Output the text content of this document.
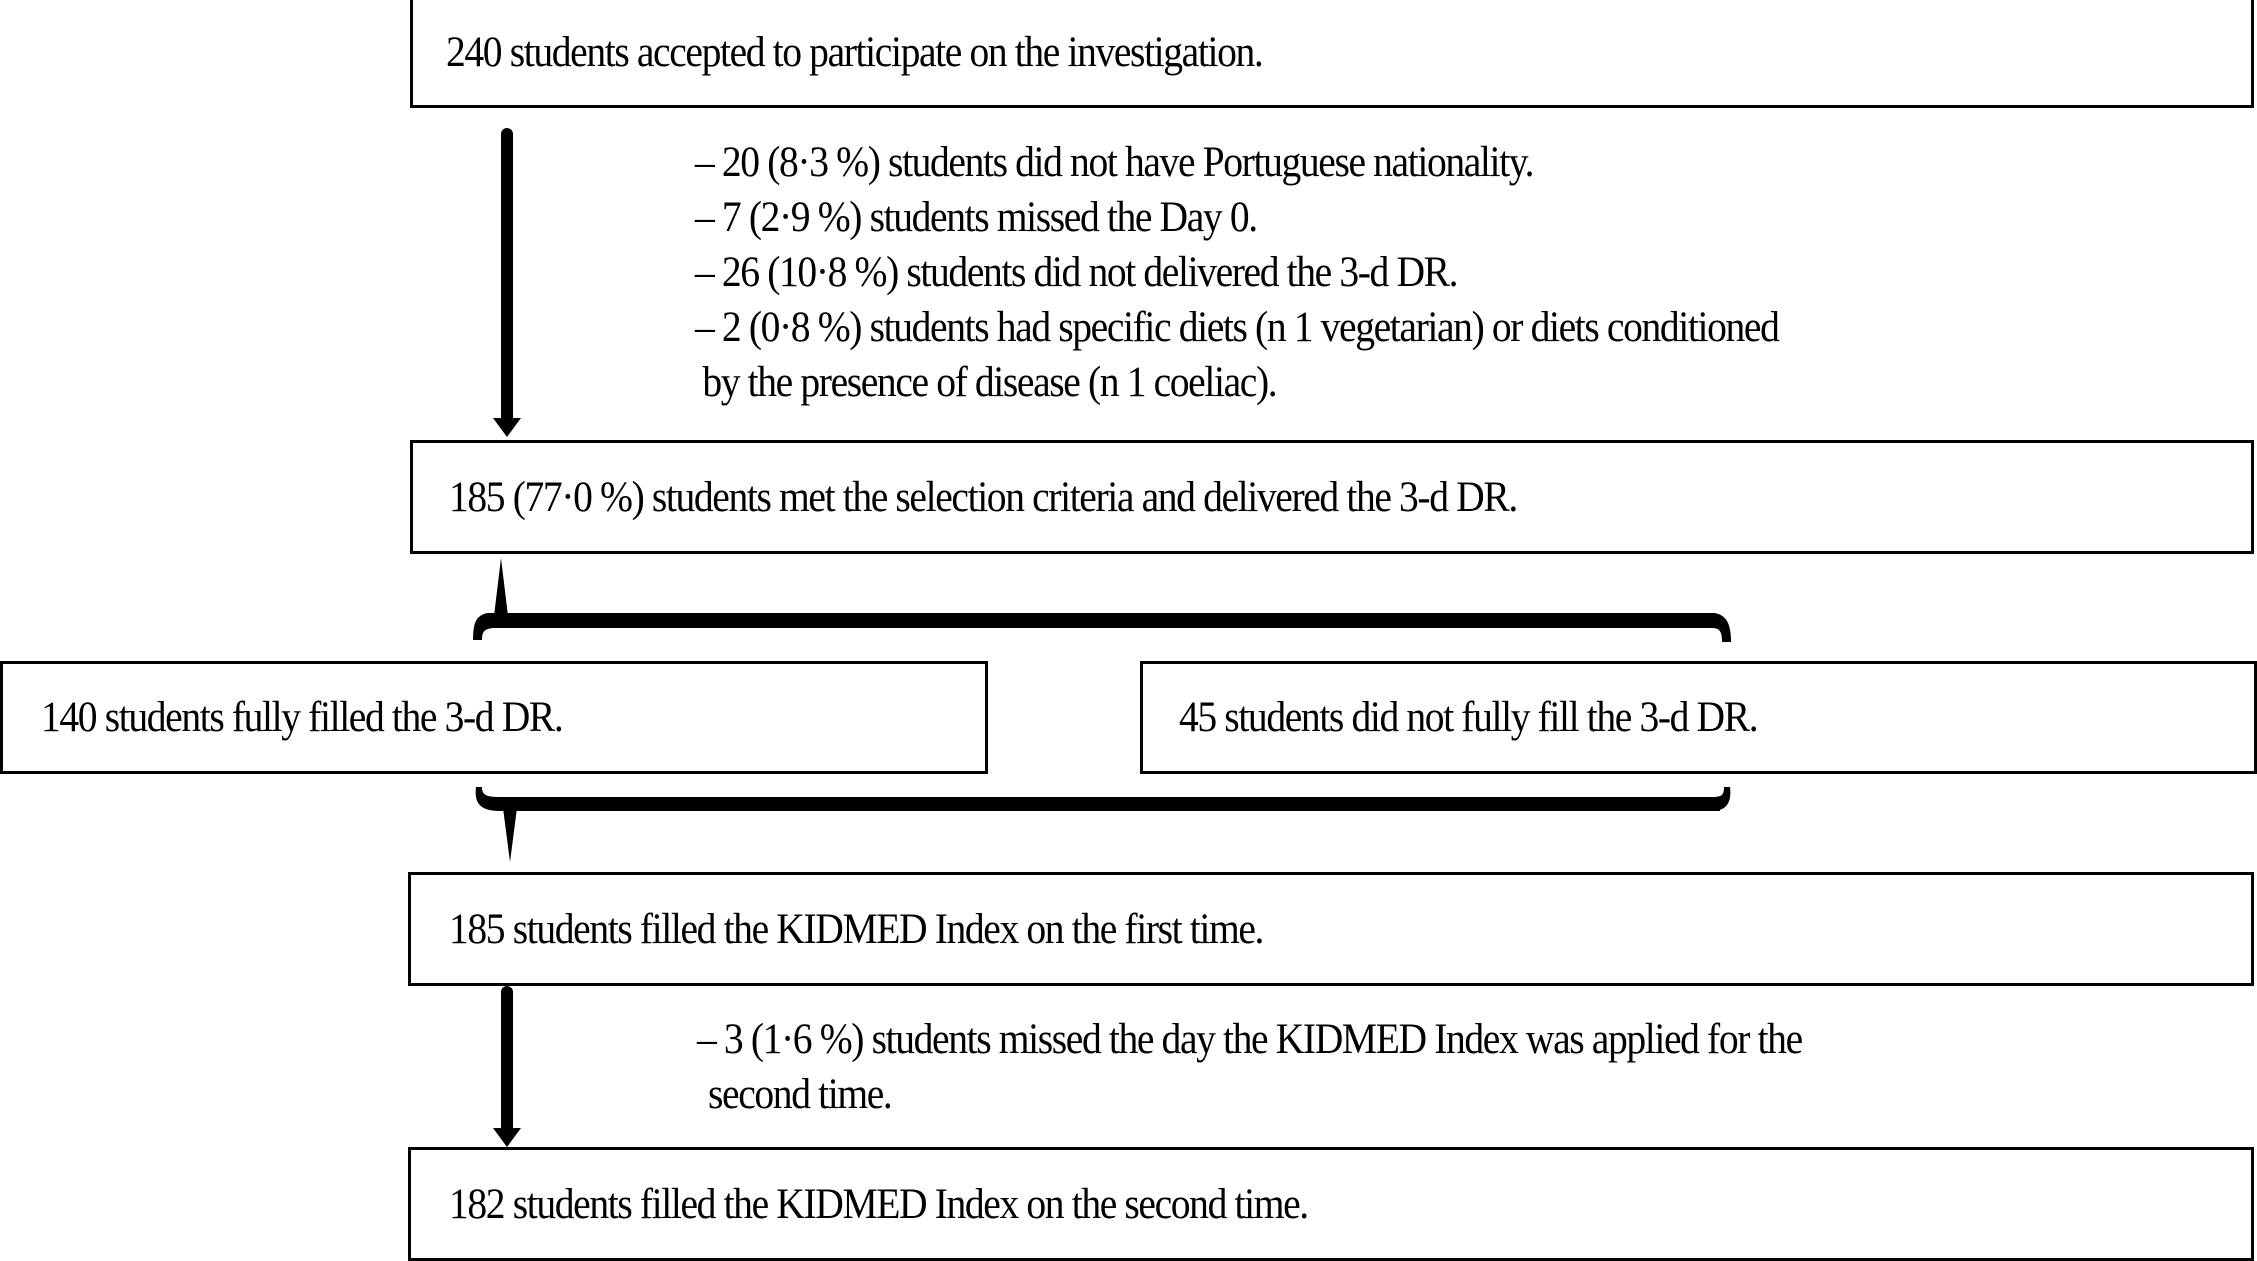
240 students accepted to participate on the investigation.
– 20 (8·3 %) students did not have Portuguese nationality.
– 7 (2·9 %) students missed the Day 0.
– 26 (10·8 %) students did not delivered the 3-d DR.
– 2 (0·8 %) students had specific diets (n 1 vegetarian) or diets conditioned
by the presence of disease (n 1 coeliac).
185 (77·0 %) students met the selection criteria and delivered the 3-d DR.
140 students fully filled the 3-d DR.	45 students did not fully fill the 3-d DR.
185 students filled the KIDMED Index on the first time.
– 3 (1·6 %) students missed the day the KIDMED Index was applied for the
second time.
182 students filled the KIDMED Index on the second time.
